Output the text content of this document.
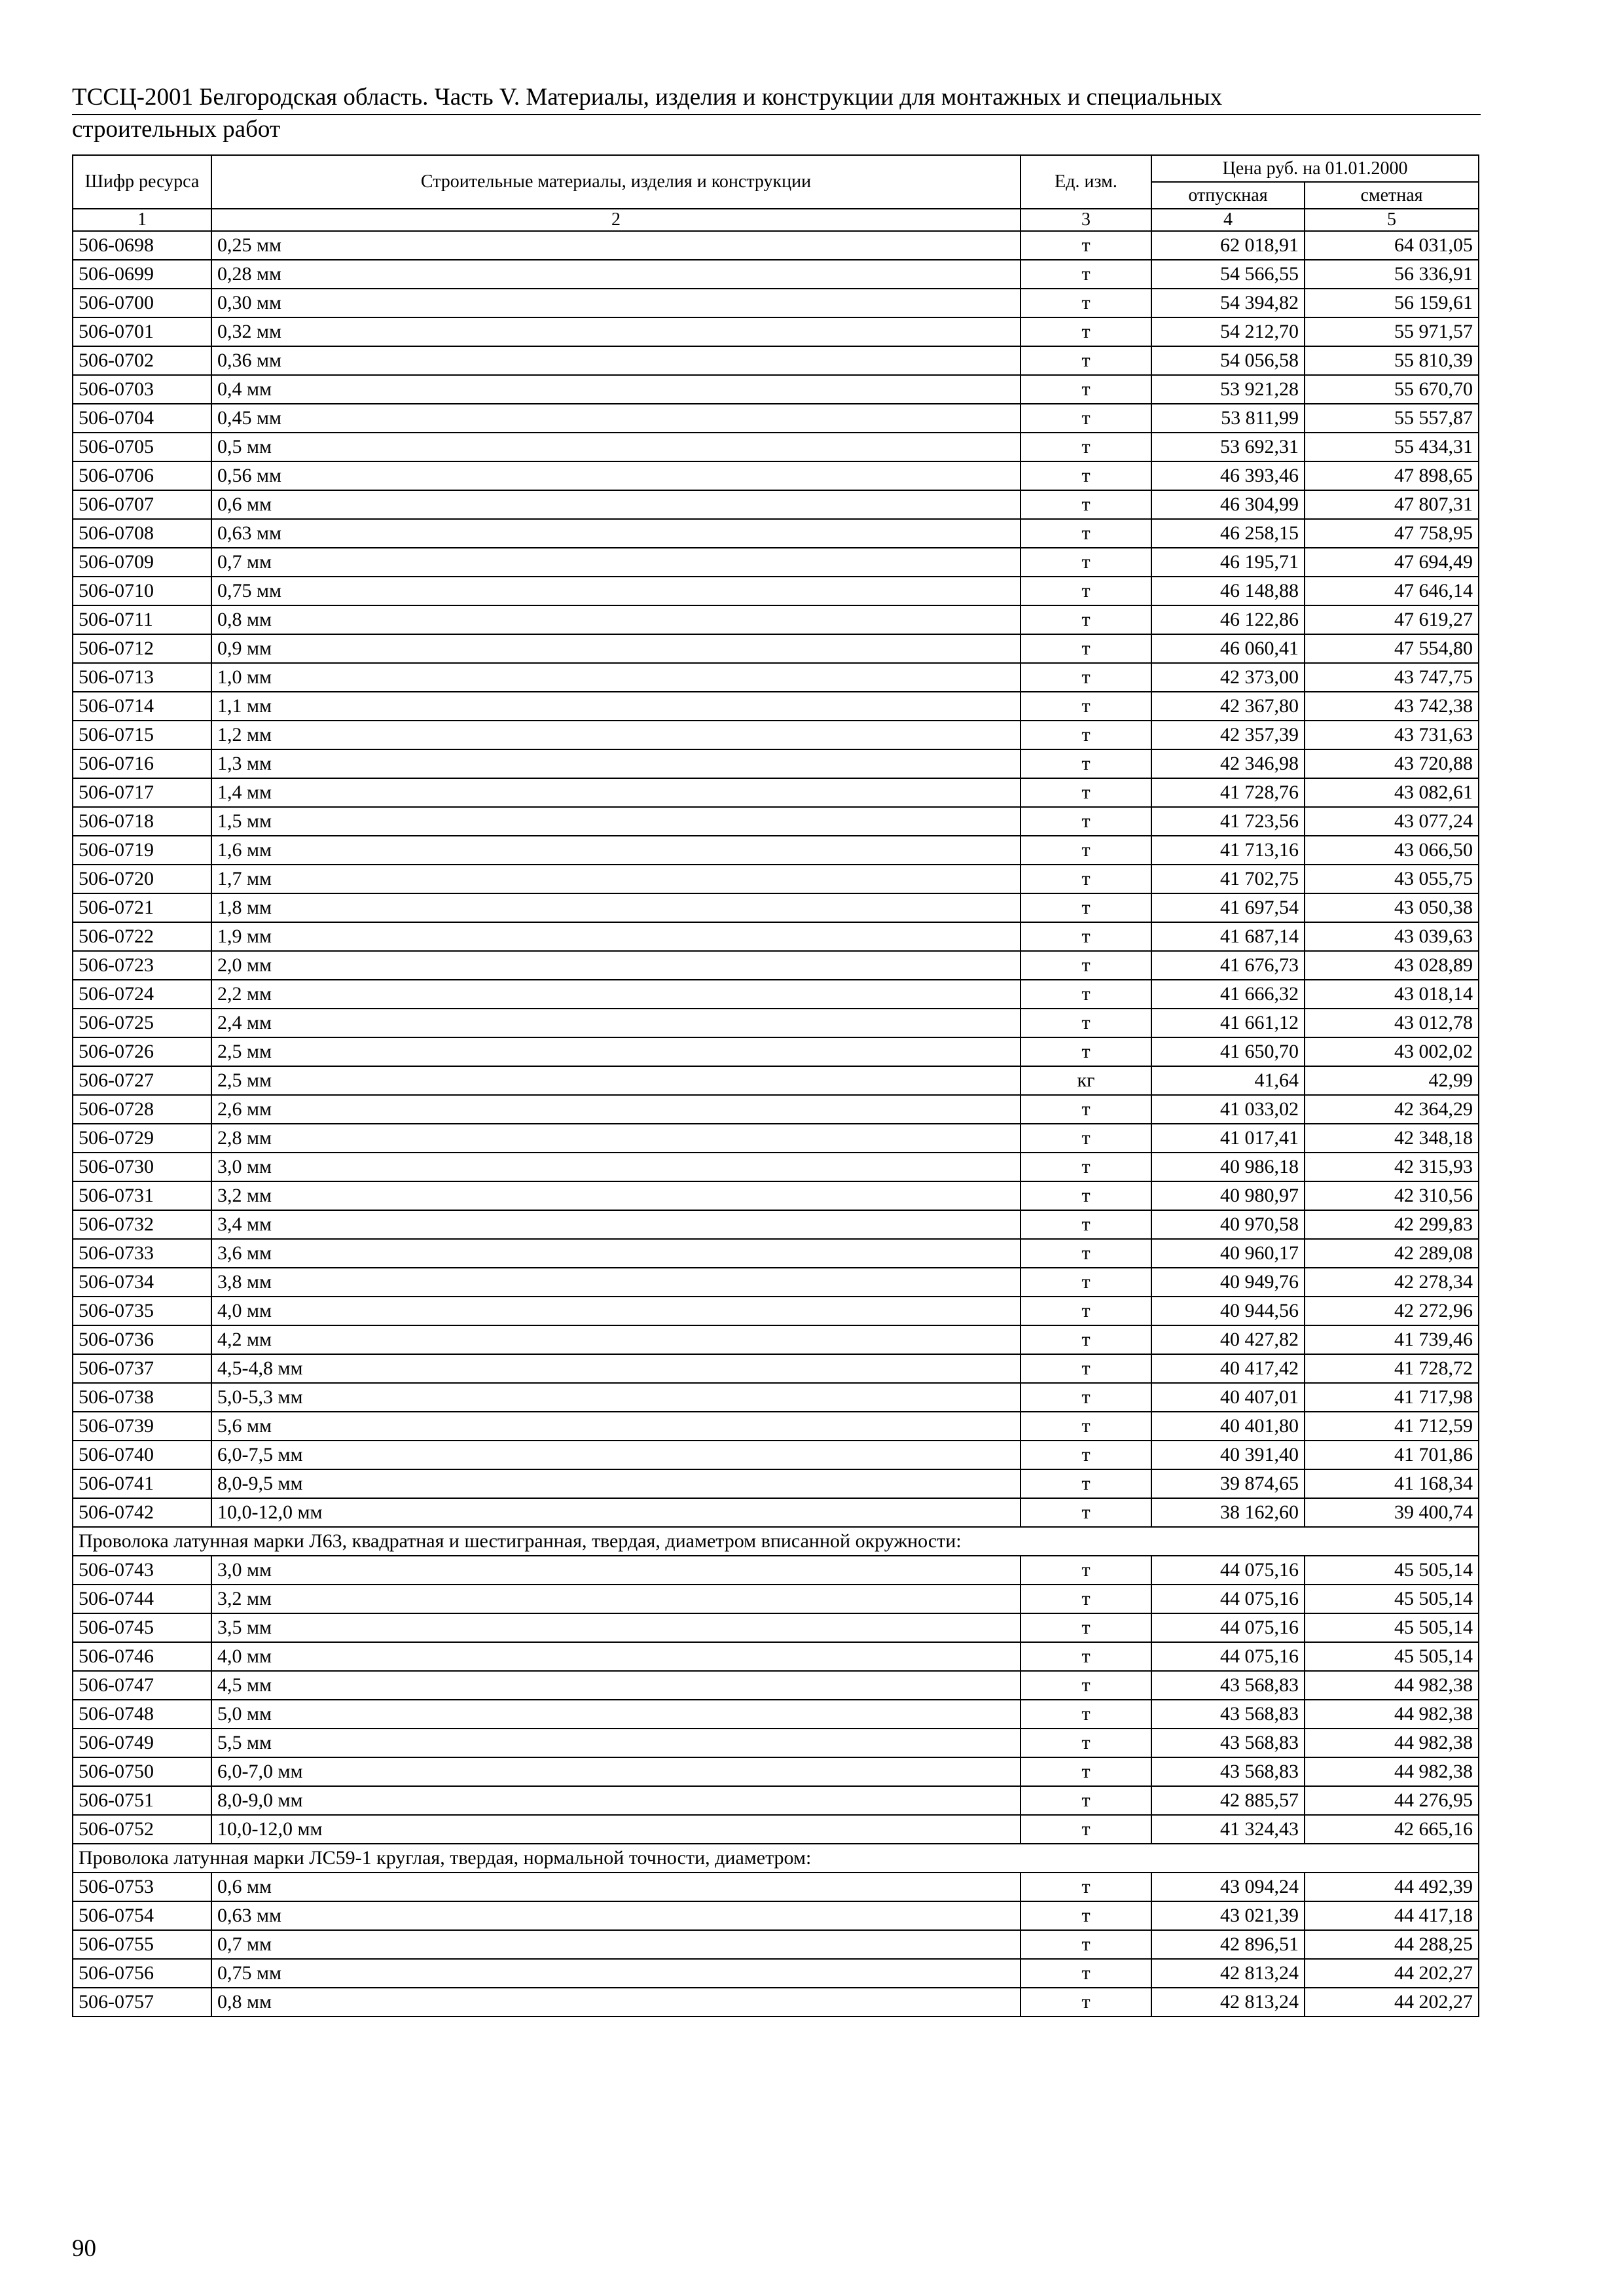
ТССЦ-2001 Белгородская область. Часть V. Материалы, изделия и конструкции для монтажных и специальных
строительных работ
Шифр ресурса	Строительные материалы, изделия и конструкции	Ед. изм.	Цена руб. на 01.01.2000	
			отпускная	сметная
1	2	3	4	5
506-0698	0,25 мм	т	62 018,91	64 031,05
506-0699	0,28 мм	т	54 566,55	56 336,91
506-0700	0,30 мм	т	54 394,82	56 159,61
506-0701	0,32 мм	т	54 212,70	55 971,57
506-0702	0,36 мм	т	54 056,58	55 810,39
506-0703	0,4 мм	т	53 921,28	55 670,70
506-0704	0,45 мм	т	53 811,99	55 557,87
506-0705	0,5 мм	т	53 692,31	55 434,31
506-0706	0,56 мм	т	46 393,46	47 898,65
506-0707	0,6 мм	т	46 304,99	47 807,31
506-0708	0,63 мм	т	46 258,15	47 758,95
506-0709	0,7 мм	т	46 195,71	47 694,49
506-0710	0,75 мм	т	46 148,88	47 646,14
506-0711	0,8 мм	т	46 122,86	47 619,27
506-0712	0,9 мм	т	46 060,41	47 554,80
506-0713	1,0 мм	т	42 373,00	43 747,75
506-0714	1,1 мм	т	42 367,80	43 742,38
506-0715	1,2 мм	т	42 357,39	43 731,63
506-0716	1,3 мм	т	42 346,98	43 720,88
506-0717	1,4 мм	т	41 728,76	43 082,61
506-0718	1,5 мм	т	41 723,56	43 077,24
506-0719	1,6 мм	т	41 713,16	43 066,50
506-0720	1,7 мм	т	41 702,75	43 055,75
506-0721	1,8 мм	т	41 697,54	43 050,38
506-0722	1,9 мм	т	41 687,14	43 039,63
506-0723	2,0 мм	т	41 676,73	43 028,89
506-0724	2,2 мм	т	41 666,32	43 018,14
506-0725	2,4 мм	т	41 661,12	43 012,78
506-0726	2,5 мм	т	41 650,70	43 002,02
506-0727	2,5 мм	кг	41,64	42,99
506-0728	2,6 мм	т	41 033,02	42 364,29
506-0729	2,8 мм	т	41 017,41	42 348,18
506-0730	3,0 мм	т	40 986,18	42 315,93
506-0731	3,2 мм	т	40 980,97	42 310,56
506-0732	3,4 мм	т	40 970,58	42 299,83
506-0733	3,6 мм	т	40 960,17	42 289,08
506-0734	3,8 мм	т	40 949,76	42 278,34
506-0735	4,0 мм	т	40 944,56	42 272,96
506-0736	4,2 мм	т	40 427,82	41 739,46
506-0737	4,5-4,8 мм	т	40 417,42	41 728,72
506-0738	5,0-5,3 мм	т	40 407,01	41 717,98
506-0739	5,6 мм	т	40 401,80	41 712,59
506-0740	6,0-7,5 мм	т	40 391,40	41 701,86
506-0741	8,0-9,5 мм	т	39 874,65	41 168,34
506-0742	10,0-12,0 мм	т	38 162,60	39 400,74
Проволока латунная марки Л63, квадратная и шестигранная, твердая, диаметром вписанной окружности:				
506-0743	3,0 мм	т	44 075,16	45 505,14
506-0744	3,2 мм	т	44 075,16	45 505,14
506-0745	3,5 мм	т	44 075,16	45 505,14
506-0746	4,0 мм	т	44 075,16	45 505,14
506-0747	4,5 мм	т	43 568,83	44 982,38
506-0748	5,0 мм	т	43 568,83	44 982,38
506-0749	5,5 мм	т	43 568,83	44 982,38
506-0750	6,0-7,0 мм	т	43 568,83	44 982,38
506-0751	8,0-9,0 мм	т	42 885,57	44 276,95
506-0752	10,0-12,0 мм	т	41 324,43	42 665,16
Проволока латунная марки ЛС59-1 круглая, твердая, нормальной точности, диаметром:				
506-0753	0,6 мм	т	43 094,24	44 492,39
506-0754	0,63 мм	т	43 021,39	44 417,18
506-0755	0,7 мм	т	42 896,51	44 288,25
506-0756	0,75 мм	т	42 813,24	44 202,27
506-0757	0,8 мм	т	42 813,24	44 202,27
90
